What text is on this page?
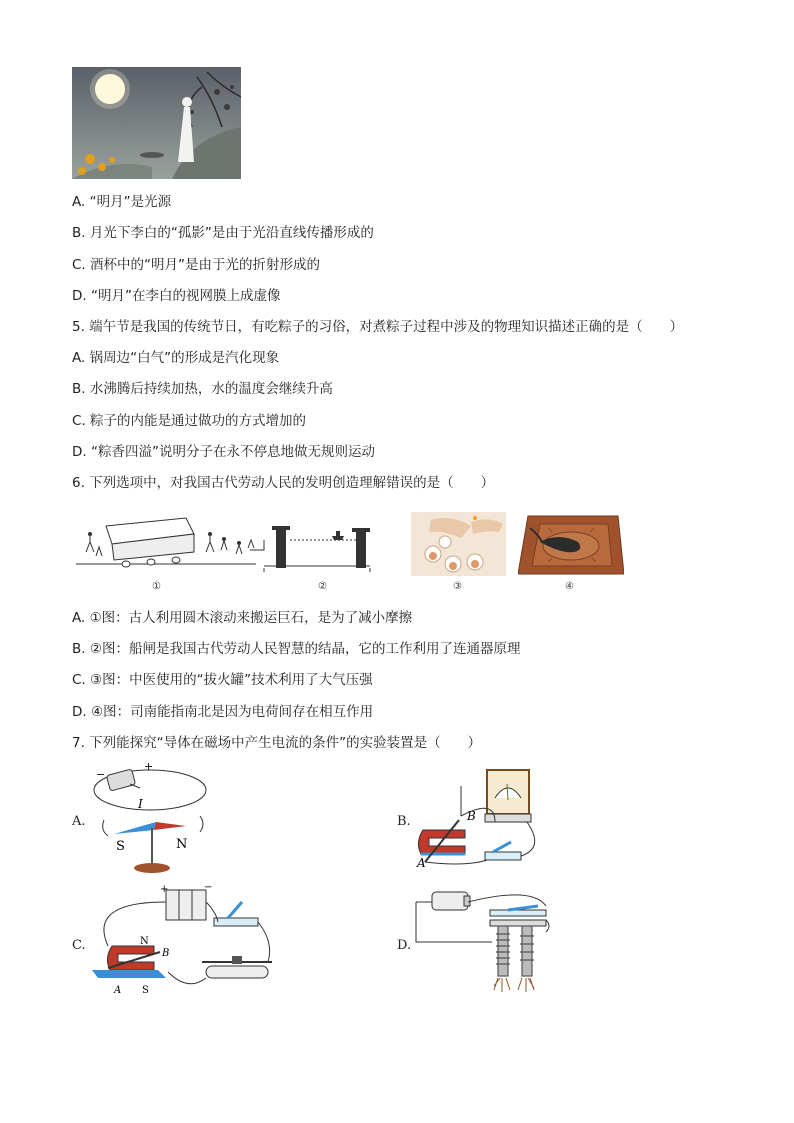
A. “明月”是光源
B. 月光下李白的“孤影”是由于光沿直线传播形成的
C. 酒杯中的“明月”是由于光的折射形成的
D. “明月”在李白的视网膜上成虚像
5. 端午节是我国的传统节日，有吃粽子的习俗，对煮粽子过程中涉及的物理知识描述正确的是（　　）
A. 锅周边“白气”的形成是汽化现象
B. 水沸腾后持续加热，水的温度会继续升高
C. 粽子的内能是通过做功的方式增加的
D. “粽香四溢”说明分子在永不停息地做无规则运动
6. 下列选项中，对我国古代劳动人民的发明创造理解错误的是（　　）
①	②	③	④
A. ①图：古人利用圆木滚动来搬运巨石，是为了减小摩擦
B. ②图：船闸是我国古代劳动人民智慧的结晶，它的工作利用了连通器原理
C. ③图：中医使用的“拔火罐”技术利用了大气压强
D. ④图：司南能指南北是因为电荷间存在相互作用
7. 下列能探究“导体在磁场中产生电流的条件”的实验装置是（　　）
A.	B.
C.	D.
−
+
I
N
S
B
A
+	−
N
B
A S
